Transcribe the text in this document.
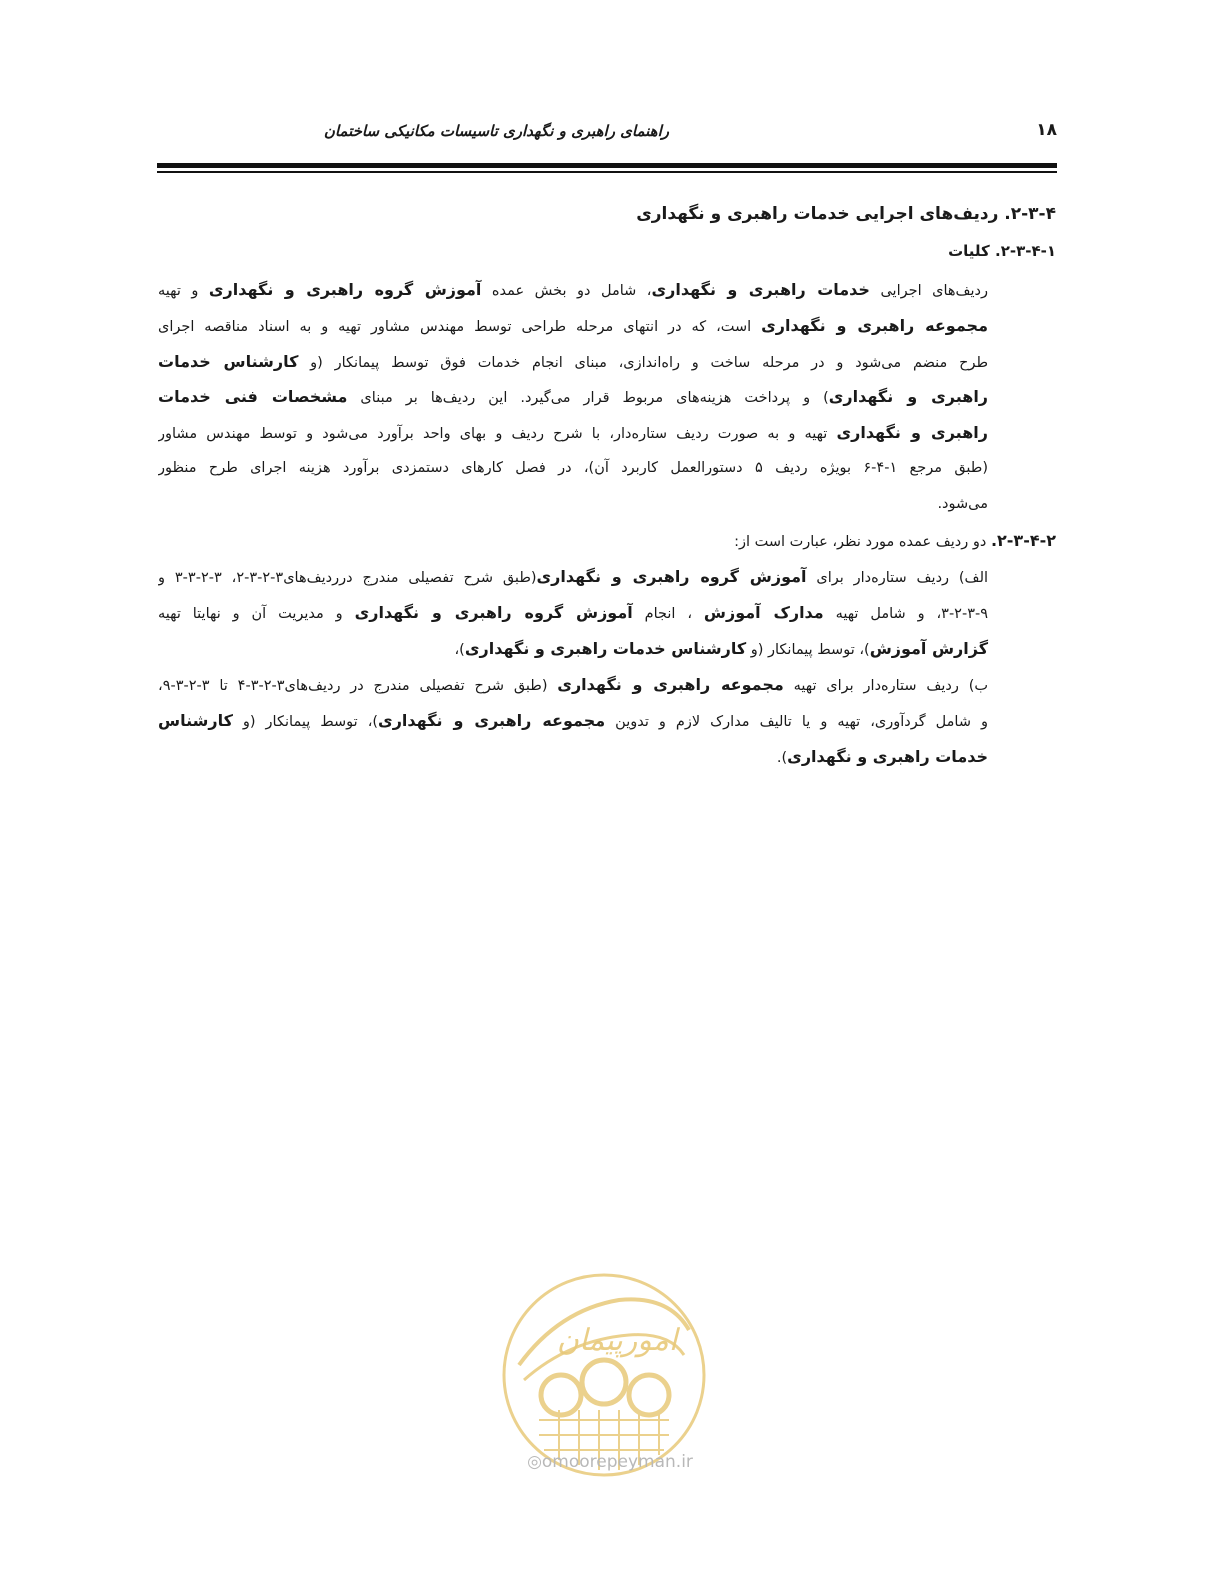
راهنمای راهبری و نگهداری تاسیسات مکانیکی ساختمان	۱۸
۲-۳-۴. ردیف‌های اجرایی خدمات راهبری و نگهداری
۲-۳-۴-۱. کلیات
ردیف‌های اجرایی خدمات راهبری و نگهداری، شامل دو بخش عمده آموزش گروه راهبری و نگهداری و تهیه
مجموعه راهبری و نگهداری است، که در انتهای مرحله طراحی توسط مهندس مشاور تهیه و به اسناد مناقصه اجرای
طرح منضم می‌شود و در مرحله ساخت و راه‌اندازی، مبنای انجام خدمات فوق توسط پیمانکار (و کارشناس خدمات
راهبری و نگهداری) و پرداخت هزینه‌های مربوط قرار می‌گیرد. این ردیف‌ها بر مبنای مشخصات فنی خدمات
راهبری و نگهداری تهیه و به صورت ردیف ستاره‌دار، با شرح ردیف و بهای واحد برآورد می‌شود و توسط مهندس مشاور
(طبق مرجع ۱-۴-۶ بویژه ردیف ۵ دستورالعمل کاربرد آن)، در فصل کارهای دستمزدی برآورد هزینه اجرای طرح منظور
می‌شود.
۲-۳-۴-۲. دو ردیف عمده مورد نظر، عبارت است از:
الف) ردیف ستاره‌دار برای آموزش گروه راهبری و نگهداری(طبق شرح تفصیلی مندرج درردیف‌های۳-۲-۳-۲، ۳-۲-۳-۳ و
۳-۲-۳-۹، و شامل تهیه مدارک آموزش ، انجام آموزش گروه راهبری و نگهداری و مدیریت آن و نهایتا تهیه
گزارش آموزش)، توسط پیمانکار (و کارشناس خدمات راهبری و نگهداری)،
ب) ردیف ستاره‌دار برای تهیه مجموعه راهبری و نگهداری (طبق شرح تفصیلی مندرج در ردیف‌های۳-۲-۳-۴ تا ۳-۲-۳-۹،
و شامل گردآوری، تهیه و یا تالیف مدارک لازم و تدوین مجموعه راهبری و نگهداری)، توسط پیمانکار (و کارشناس
خدمات راهبری و نگهداری).
امورپیمان
◎omoorepeyman.ir
